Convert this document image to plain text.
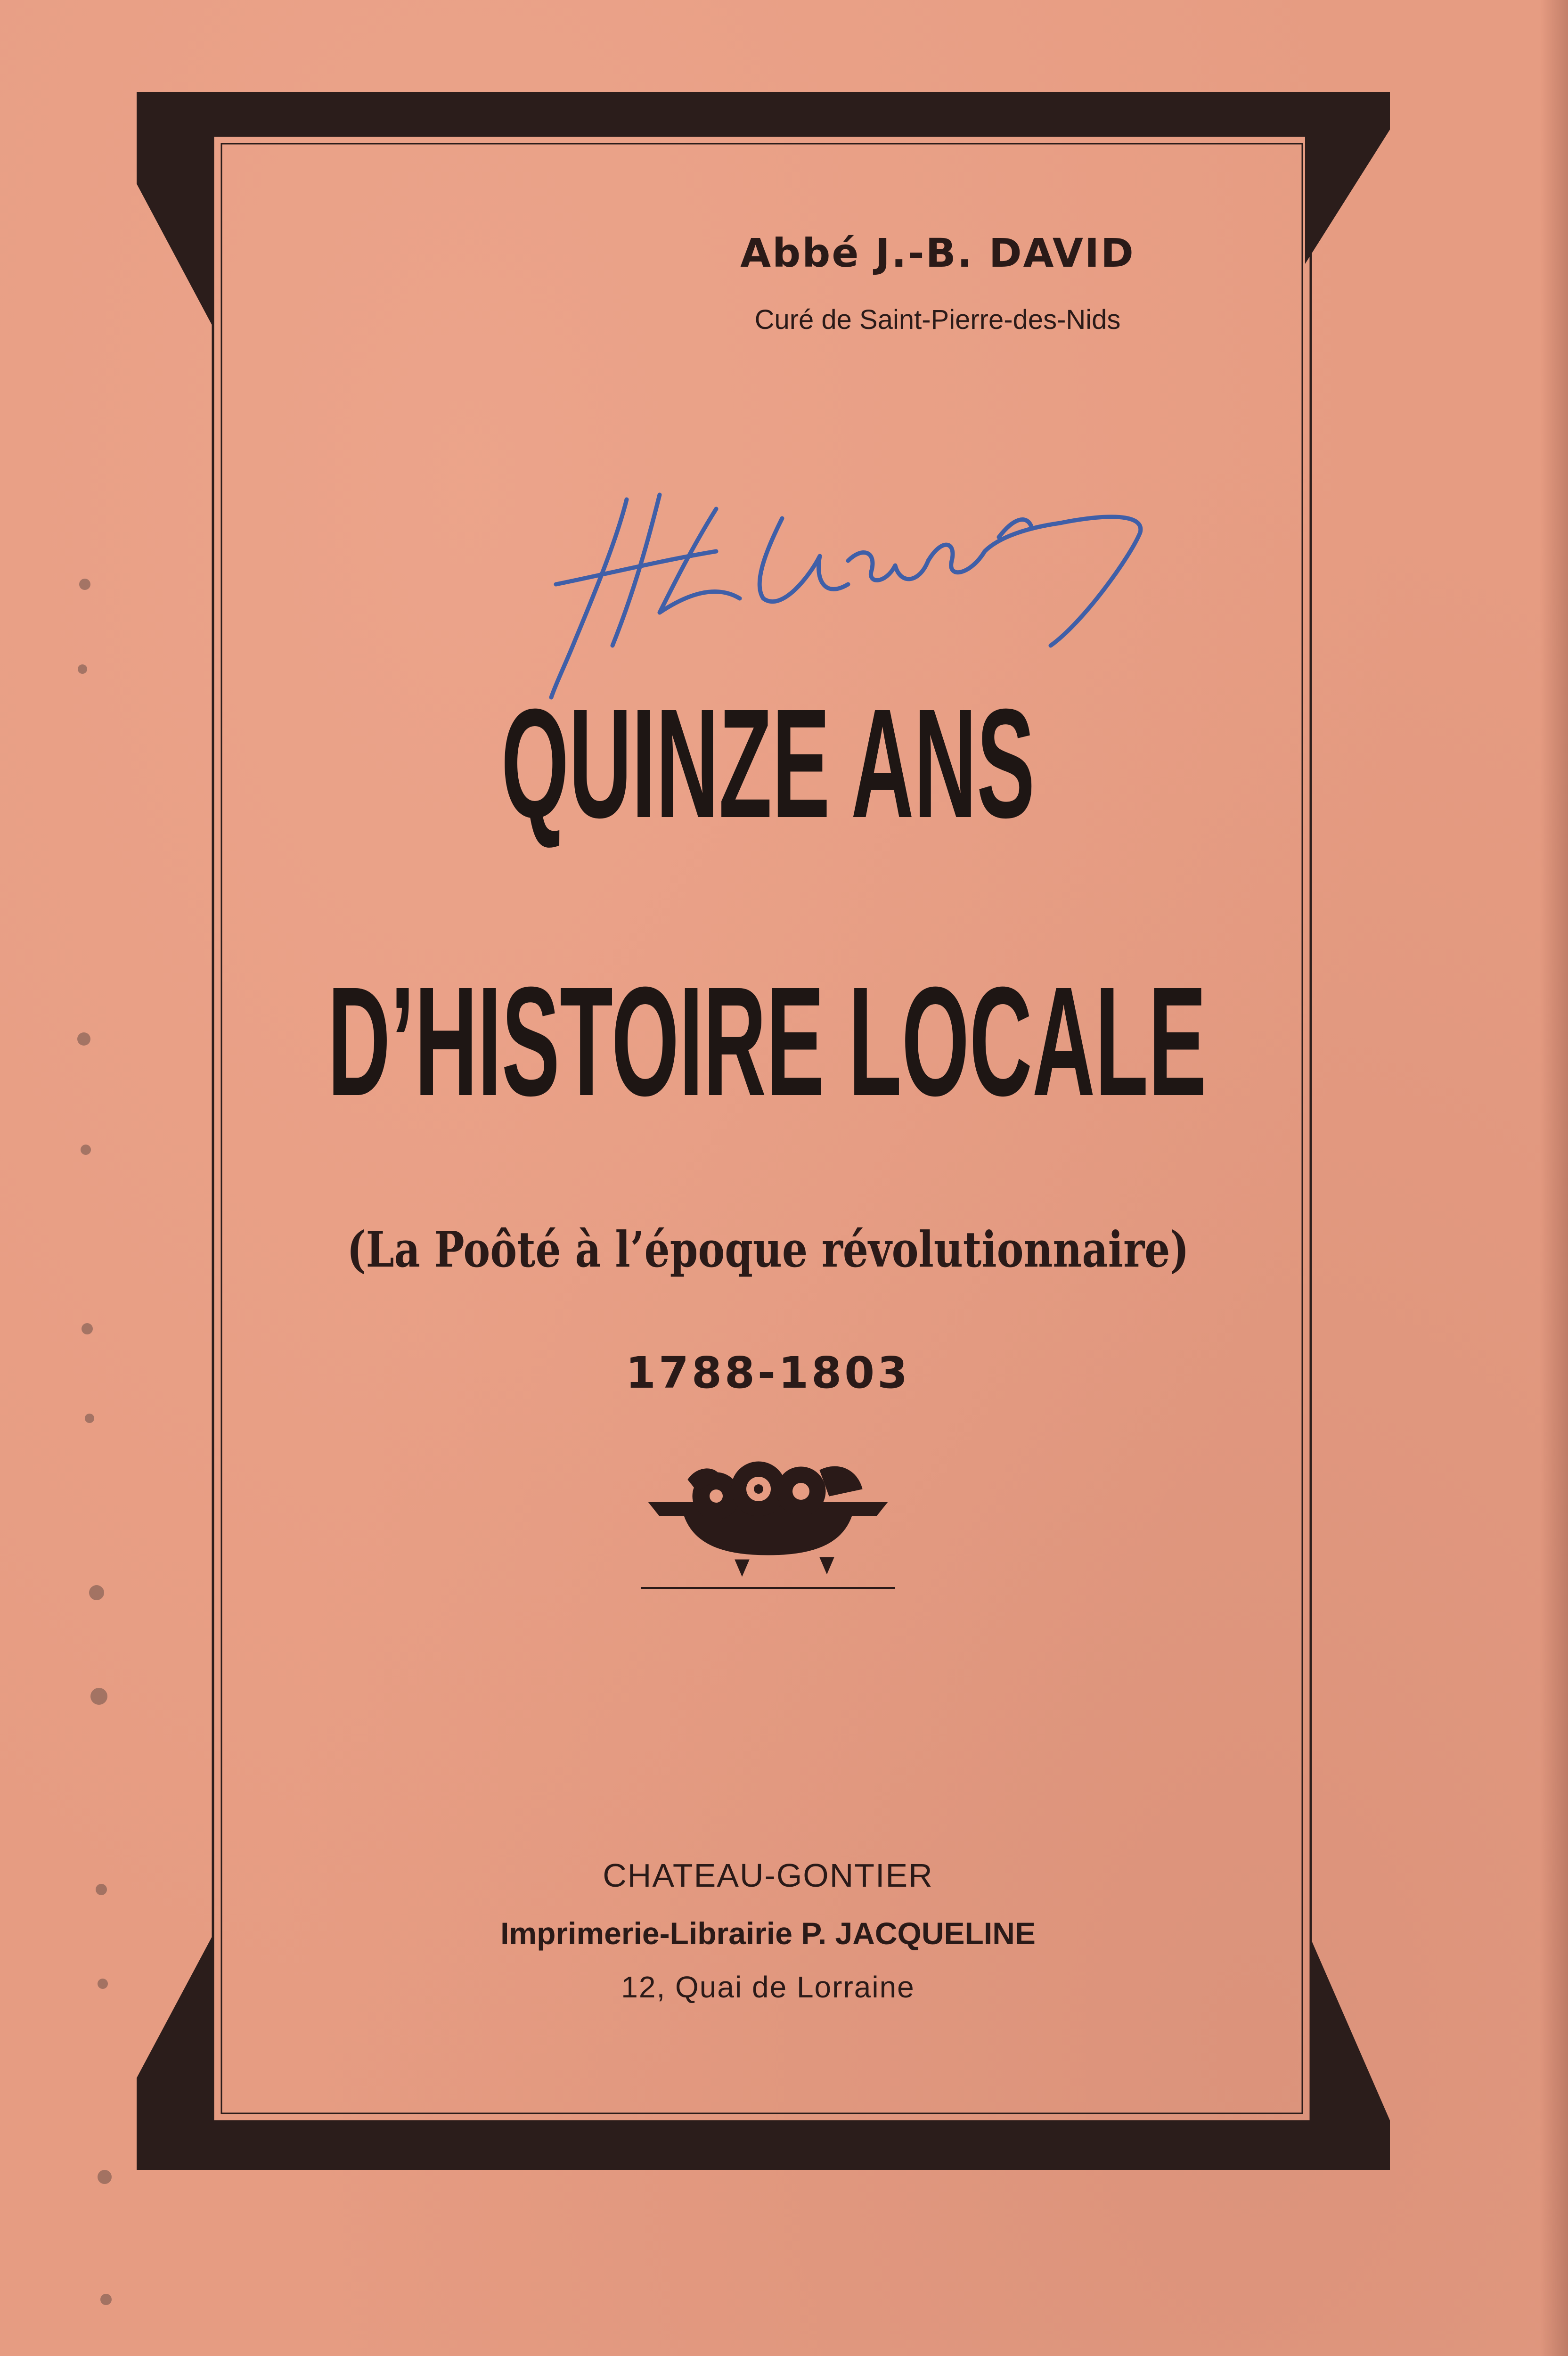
Abbé J.-B. DAVID
Curé de Saint-Pierre-des-Nids
QUINZE ANS
D’HISTOIRE LOCALE
(La Poôté à l’époque révolutionnaire)
1788-1803
CHATEAU-GONTIER
Imprimerie-Librairie P. JACQUELINE
12, Quai de Lorraine
